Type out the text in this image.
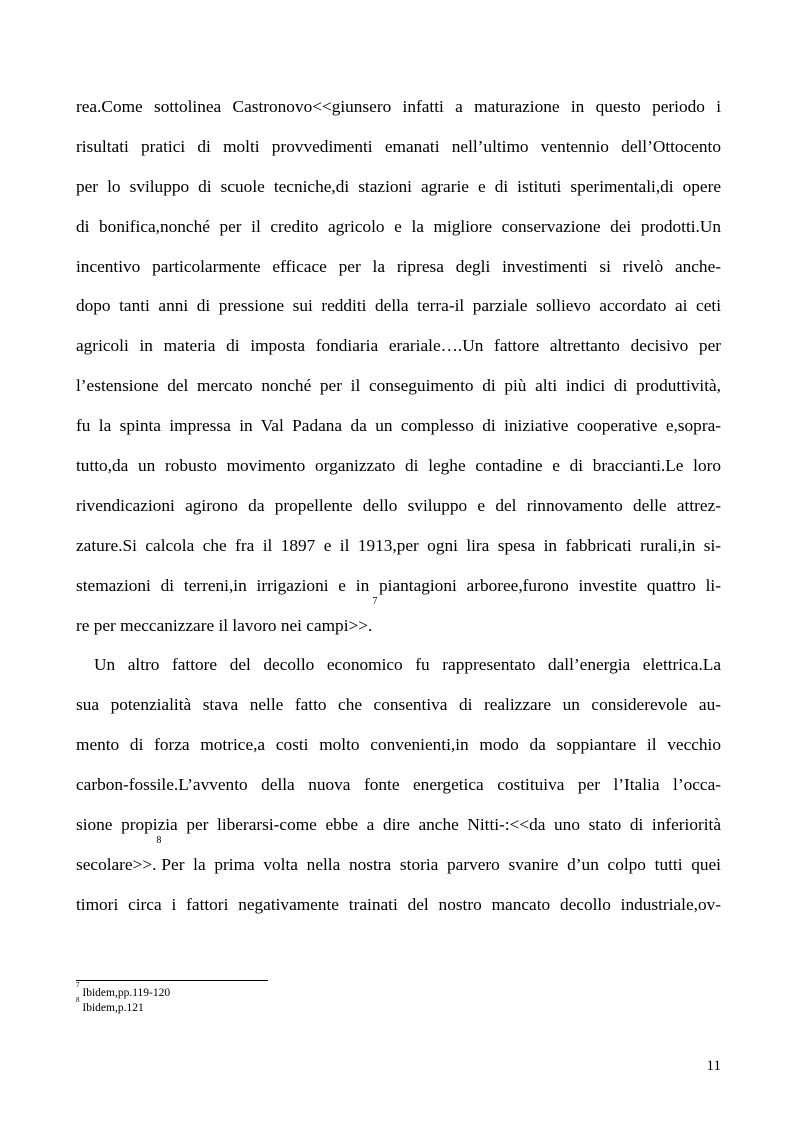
rea.Come sottolinea Castronovo<<giunsero infatti a maturazione in questo periodo i
risultati pratici di molti provvedimenti emanati nell’ultimo ventennio dell’Ottocento
per lo sviluppo di scuole tecniche,di stazioni agrarie e di istituti sperimentali,di opere
di bonifica,nonché per il credito agricolo e la migliore conservazione dei prodotti.Un
incentivo particolarmente efficace per la ripresa degli investimenti si rivelò anche-
dopo tanti anni di pressione sui redditi della terra-il parziale sollievo accordato ai ceti
agricoli in materia di imposta fondiaria erariale….Un fattore altrettanto decisivo per
l’estensione del mercato nonché per il conseguimento di più alti indici di produttività,
fu la spinta impressa in Val Padana da un complesso di iniziative cooperative e,sopra-
tutto,da un robusto movimento organizzato di leghe contadine e di braccianti.Le loro
rivendicazioni agirono da propellente dello sviluppo e del rinnovamento delle attrez-
zature.Si calcola che fra il 1897 e il 1913,per ogni lira spesa in fabbricati rurali,in si-
stemazioni di terreni,in irrigazioni e in piantagioni arboree,furono investite quattro li-
re per meccanizzare il lavoro nei campi>>.$^7$
Un altro fattore del decollo economico fu rappresentato dall’energia elettrica.La
sua potenzialità stava nelle fatto che consentiva di realizzare un considerevole au-
mento di forza motrice,a costi molto convenienti,in modo da soppiantare il vecchio
carbon-fossile.L’avvento della nuova fonte energetica costituiva per l’Italia l’occa-
sione propizia per liberarsi-come ebbe a dire anche Nitti-:<<da uno stato di inferiorità
secolare>>.$^8$Per la prima volta nella nostra storia parvero svanire d’un colpo tutti quei
timori circa i fattori negativamente trainati del nostro mancato decollo industriale,ov-
$^7$ Ibidem,pp.119-120
$^8$ Ibidem,p.121
11
